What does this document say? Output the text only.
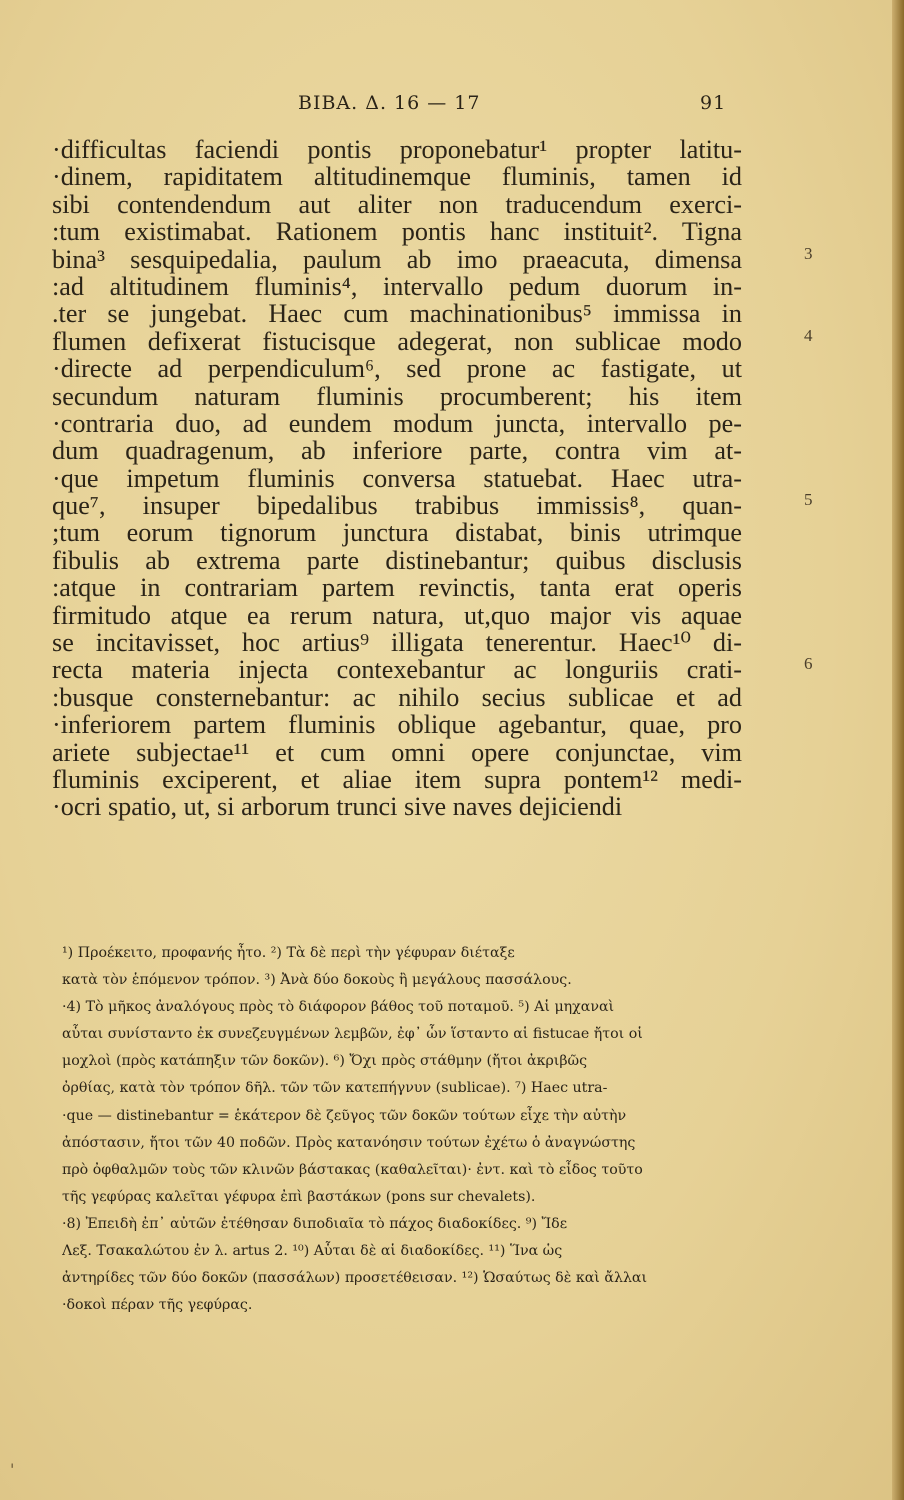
BIBA. Δ. 16 — 17	91
·difficultas faciendi pontis proponebatur¹ propter latitu-
·dinem, rapiditatem altitudinemque fluminis, tamen id
sibi contendendum aut aliter non traducendum exerci-
:tum existimabat. Rationem pontis hanc instituit². Tigna
bina³ sesquipedalia, paulum ab imo praeacuta, dimensa
:ad altitudinem fluminis⁴, intervallo pedum duorum in-
.ter se jungebat. Haec cum machinationibus⁵ immissa in
flumen defixerat fistucisque adegerat, non sublicae modo
·directe ad perpendiculum⁶, sed prone ac fastigate, ut
secundum naturam fluminis procumberent; his item
·contraria duo, ad eundem modum juncta, intervallo pe-
dum quadragenum, ab inferiore parte, contra vim at-
·que impetum fluminis conversa statuebat. Haec utra-
que⁷, insuper bipedalibus trabibus immissis⁸, quan-
;tum eorum tignorum junctura distabat, binis utrimque
fibulis ab extrema parte distinebantur; quibus disclusis
:atque in contrariam partem revinctis, tanta erat operis
firmitudo atque ea rerum natura, ut,quo major vis aquae
se incitavisset, hoc artius⁹ illigata tenerentur. Haec¹⁰ di-
recta materia injecta contexebantur ac longuriis crati-
:busque consternebantur: ac nihilo secius sublicae et ad
·inferiorem partem fluminis oblique agebantur, quae, pro
ariete subjectae¹¹ et cum omni opere conjunctae, vim
fluminis exciperent, et aliae item supra pontem¹² medi-
·ocri spatio, ut, si arborum trunci sive naves dejiciendi
3
4
5
6
¹) Προέκειτο, προφανής ἦτο. ²) Τὰ δὲ περὶ τὴν γέφυραν διέταξε
κατὰ τὸν ἑπόμενον τρόπον. ³) Ἀνὰ δύο δοκοὺς ἢ μεγάλους πασσάλους.
·4) Τὸ μῆκος ἀναλόγους πρὸς τὸ διάφορον βάθος τοῦ ποταμοῦ. ⁵) Αἱ μηχαναὶ
αὗται συνίσταντο ἐκ συνεζευγμένων λεμβῶν, ἐφ᾽ ὧν ἵσταντο αἱ fistucae ἤτοι οἱ
μοχλοὶ (πρὸς κατάπηξιν τῶν δοκῶν). ⁶) Ὄχι πρὸς στάθμην (ἤτοι ἀκριβῶς
ὀρθίας, κατὰ τὸν τρόπον δῆλ. τῶν τῶν κατεπήγνυν (sublicae). ⁷) Haec utra-
·que — distinebantur = ἑκάτερον δὲ ζεῦγος τῶν δοκῶν τούτων εἶχε τὴν αὐτὴν
ἀπόστασιν, ἤτοι τῶν 40 ποδῶν. Πρὸς κατανόησιν τούτων ἐχέτω ὁ ἀναγνώστης
πρὸ ὀφθαλμῶν τοὺς τῶν κλινῶν βάστακας (καθαλεῖται)· ἐντ. καὶ τὸ εἶδος τοῦτο
τῆς γεφύρας καλεῖται γέφυρα ἐπὶ βαστάκων (pons sur chevalets).
·8) Ἐπειδὴ ἐπ᾽ αὐτῶν ἐτέθησαν διποδιαῖα τὸ πάχος διαδοκίδες. ⁹) Ἴδε
Λεξ. Τσακαλώτου ἐν λ. artus 2. ¹⁰) Αὗται δὲ αἱ διαδοκίδες. ¹¹) Ἵνα ὡς
ἀντηρίδες τῶν δύο δοκῶν (πασσάλων) προσετέθεισαν. ¹²) Ὡσαύτως δὲ καὶ ἄλλαι
·δοκοὶ πέραν τῆς γεφύρας.
'
